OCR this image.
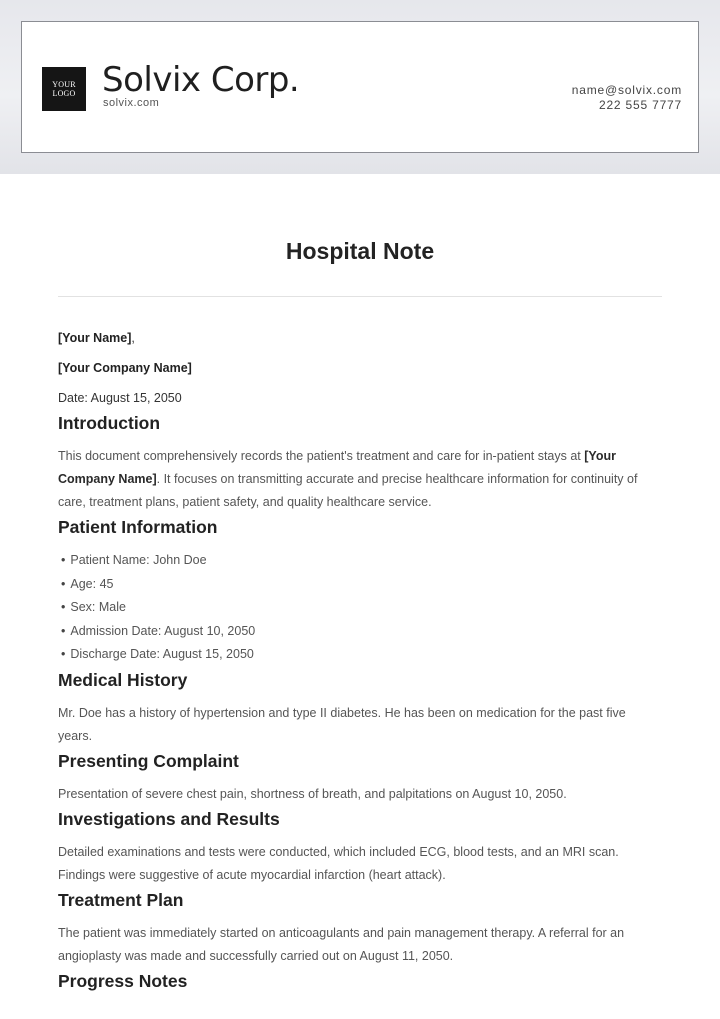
YOUR
LOGO Solvix Corp.
solvix.com
name@solvix.com
222 555 7777
Hospital Note

[Your Name],

[Your Company Name]

Date: August 15, 2050

Introduction

This document comprehensively records the patient's treatment and care for in-patient stays at [Your Company Name]. It focuses on transmitting accurate and precise healthcare information for continuity of care, treatment plans, patient safety, and quality healthcare service.

Patient Information
• Patient Name: John Doe
• Age: 45
• Sex: Male
• Admission Date: August 10, 2050
• Discharge Date: August 15, 2050
Medical History

Mr. Doe has a history of hypertension and type II diabetes. He has been on medication for the past five years.

Presenting Complaint

Presentation of severe chest pain, shortness of breath, and palpitations on August 10, 2050.

Investigations and Results

Detailed examinations and tests were conducted, which included ECG, blood tests, and an MRI scan. Findings were suggestive of acute myocardial infarction (heart attack).

Treatment Plan

The patient was immediately started on anticoagulants and pain management therapy. A referral for an angioplasty was made and successfully carried out on August 11, 2050.

Progress Notes
